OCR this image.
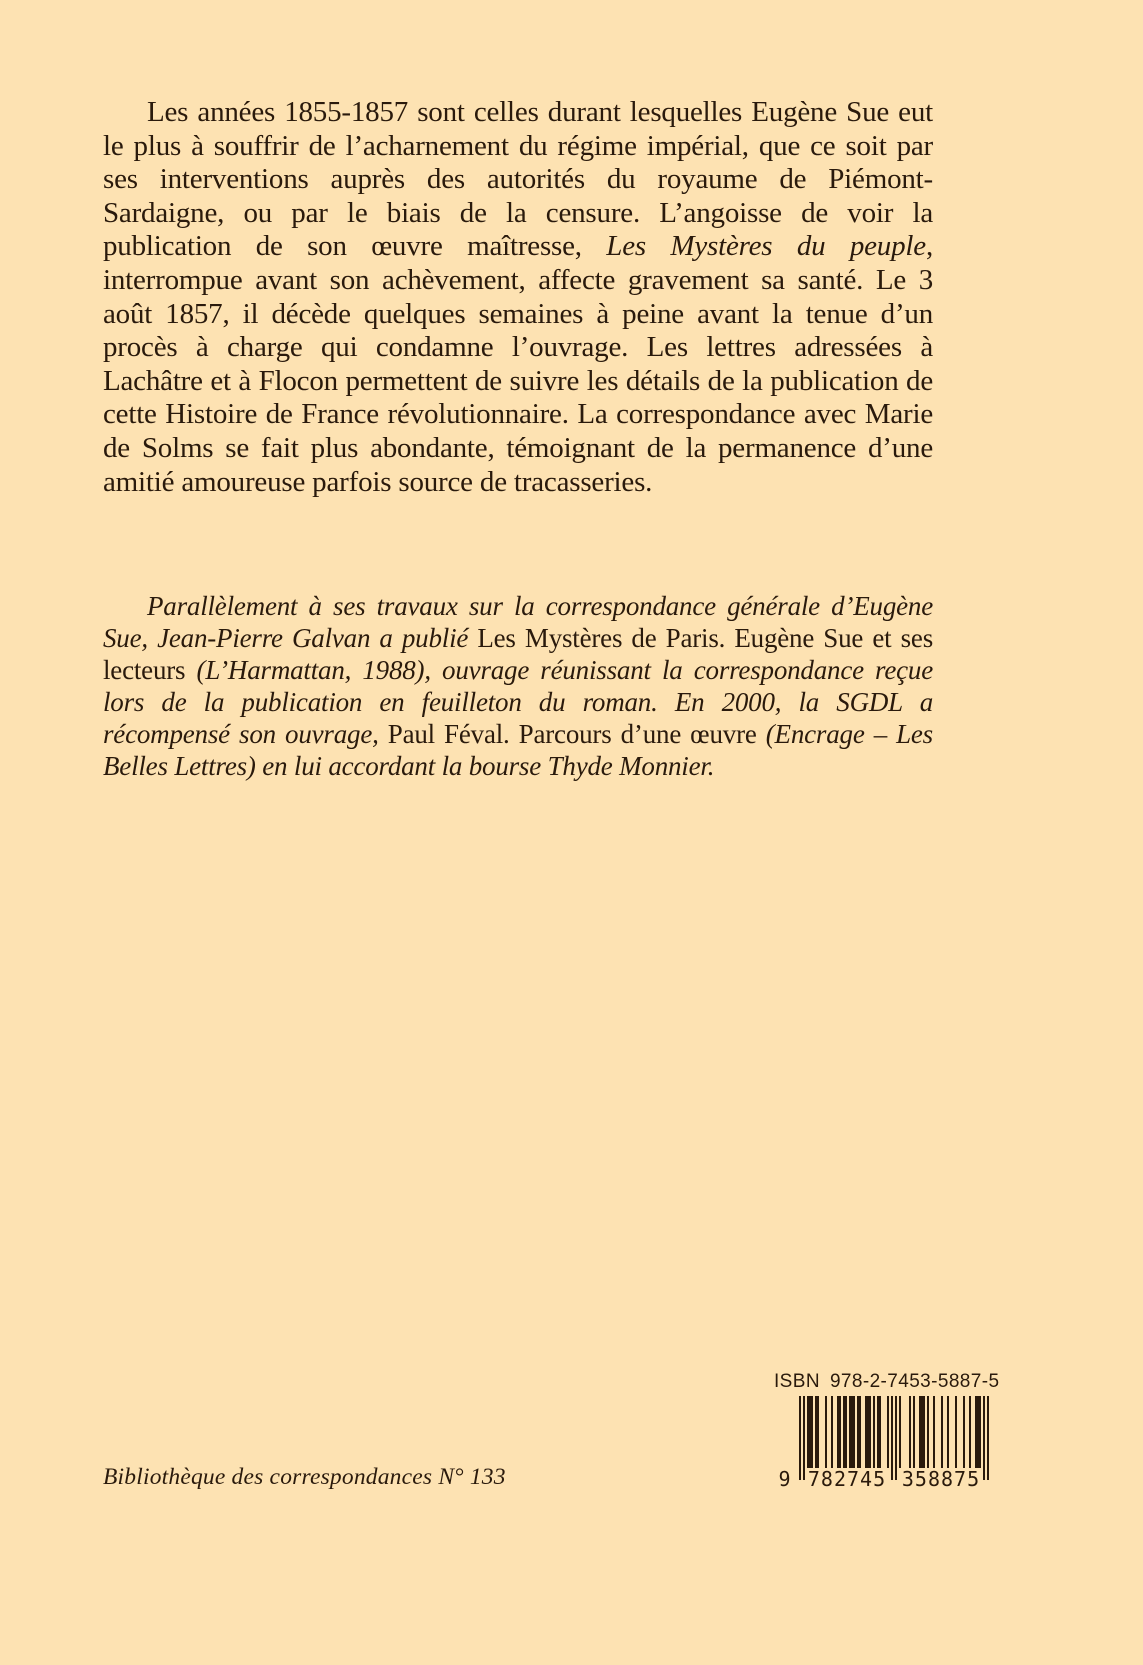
Les années 1855-1857 sont celles durant lesquelles Eugène Sue eut le plus à souffrir de l’acharnement du régime impérial, que ce soit par ses interventions auprès des autorités du royaume de Piémont-Sardaigne, ou par le biais de la censure. L’angoisse de voir la publication de son œuvre maîtresse, Les Mystères du peuple, interrompue avant son achèvement, affecte gravement sa santé. Le 3 août 1857, il décède quelques semaines à peine avant la tenue d’un procès à charge qui condamne l’ouvrage. Les lettres adressées à Lachâtre et à Flocon permettent de suivre les détails de la publication de cette Histoire de France révolutionnaire. La correspondance avec Marie de Solms se fait plus abondante, témoignant de la permanence d’une amitié amoureuse parfois source de tracasseries.

Parallèlement à ses travaux sur la correspondance générale d’Eugène Sue, Jean-Pierre Galvan a publié Les Mystères de Paris. Eugène Sue et ses lecteurs (L’Harmattan, 1988), ouvrage réunissant la correspondance reçue lors de la publication en feuilleton du roman. En 2000, la SGDL a récompensé son ouvrage, Paul Féval. Parcours d’une œuvre (Encrage – Les Belles Lettres) en lui accordant la bourse Thyde Monnier.

ISBN 978-2-7453-5887-5
9 782745 358875
Bibliothèque des correspondances N° 133
